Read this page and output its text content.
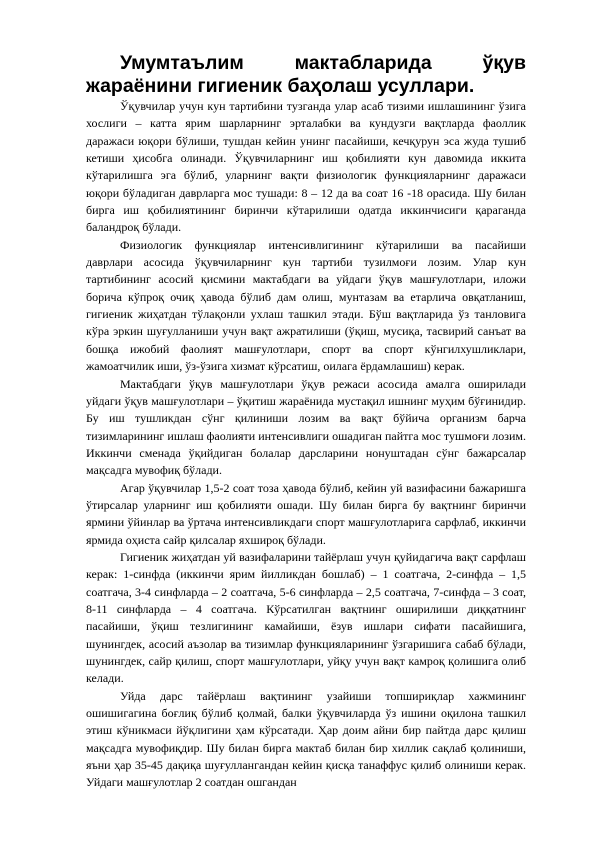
Умумтаълим мактабларида ўқув
жараёнини гигиеник баҳолаш усуллари.

Ўқувчилар учун кун тартибини тузганда улар асаб тизими ишлашининг ўзига хослиги – катта ярим шарларнинг эрталабки ва кундузги вақтларда фаоллик даражаси юқори бўлиши, тушдан кейин унинг пасайиши, кечқурун эса жуда тушиб кетиши ҳисобга олинади. Ўқувчиларнинг иш қобилияти кун давомида иккита кўтарилишга эга бўлиб, уларнинг вақти физиологик функцияларнинг даражаси юқори бўладиган даврларга мос тушади: 8 – 12 да ва соат 16 -18 орасида. Шу билан бирга иш қобилиятининг биринчи кўтарилиши одатда иккинчисиги қараганда баландроқ бўлади.

Физиологик функциялар интенсивлигининг кўтарилиши ва пасайиши даврлари асосида ўқувчиларнинг кун тартиби тузилмоғи лозим. Улар кун тартибининг асосий қисмини мактабдаги ва уйдаги ўқув машғулотлари, иложи борича кўпроқ очиқ ҳавода бўлиб дам олиш, мунтазам ва етарлича овқатланиш, гигиеник жиҳатдан тўлақонли ухлаш ташкил этади. Бўш вақтларида ўз танловига кўра эркин шуғулланиши учун вақт ажратилиши (ўқиш, мусиқа, тасвирий санъат ва бошқа ижобий фаолият машғулотлари, спорт ва спорт кўнгилхушликлари, жамоатчилик иши, ўз-ўзига хизмат кўрсатиш, оилага ёрдамлашиш) керак.

Мактабдаги ўқув машғулотлари ўқув режаси асосида амалга оширилади уйдаги ўқув машғулотлари – ўқитиш жараёнида мустақил ишнинг муҳим бўғинидир. Бу иш тушликдан сўнг қилиниши лозим ва вақт бўйича организм барча тизимларининг ишлаш фаолияти интенсивлиги ошадиган пайтга мос тушмоғи лозим. Иккинчи сменада ўқийдиган болалар дарсларини нонуштадан сўнг бажарсалар мақсадга мувофиқ бўлади.

Агар ўқувчилар 1,5-2 соат тоза ҳавода бўлиб, кейин уй вазифасини бажаришга ўтирсалар уларнинг иш қобилияти ошади. Шу билан бирга бу вақтнинг биринчи ярмини ўйинлар ва ўртача интенсивликдаги спорт машғулотларига сарфлаб, иккинчи ярмида оҳиста сайр қилсалар яхшироқ бўлади.

Гигиеник жиҳатдан уй вазифаларини тайёрлаш учун қуйидагича вақт сарфлаш керак: 1-синфда (иккинчи ярим йилликдан бошлаб) – 1 соатгача, 2-синфда – 1,5 соатгача, 3-4 синфларда – 2 соатгача, 5-6 синфларда – 2,5 соатгача, 7-синфда – 3 соат, 8-11 синфларда – 4 соатгача. Кўрсатилган вақтнинг оширилиши диққатнинг пасайиши, ўқиш тезлигининг камайиши, ёзув ишлари сифати пасайишига, шунингдек, асосий аъзолар ва тизимлар функцияларининг ўзгаришига сабаб бўлади, шунингдек, сайр қилиш, спорт машғулотлари, уйқу учун вақт камроқ қолишига олиб келади.

Уйда дарс тайёрлаш вақтининг узайиши топшириқлар хажмининг ошишигагина боғлиқ бўлиб қолмай, балки ўқувчиларда ўз ишини оқилона ташкил этиш кўникмаси йўқлигини ҳам кўрсатади. Ҳар доим айни бир пайтда дарс қилиш мақсадга мувофиқдир. Шу билан бирга мактаб билан бир хиллик сақлаб қолиниши, яъни ҳар 35-45 дақиқа шуғуллангандан кейин қисқа танаффус қилиб олиниши керак. Уйдаги машғулотлар 2 соатдан ошгандан
